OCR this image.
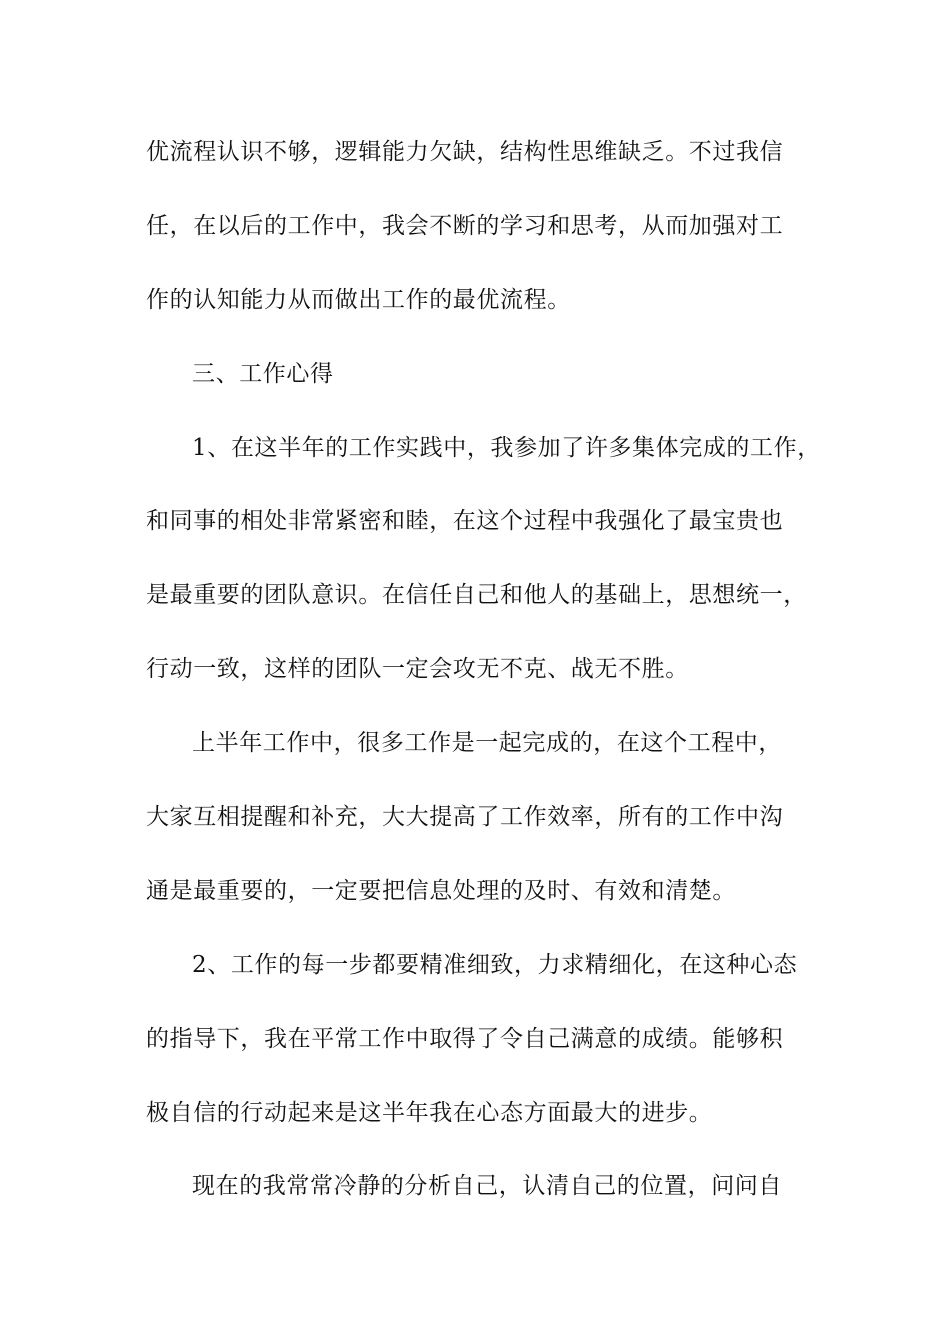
优流程认识不够，逻辑能力欠缺，结构性思维缺乏。不过我信
任，在以后的工作中，我会不断的学习和思考，从而加强对工
作的认知能力从而做出工作的最优流程。
三、工作心得
1、在这半年的工作实践中，我参加了许多集体完成的工作，
和同事的相处非常紧密和睦，在这个过程中我强化了最宝贵也
是最重要的团队意识。在信任自己和他人的基础上，思想统一，
行动一致，这样的团队一定会攻无不克、战无不胜。
上半年工作中，很多工作是一起完成的，在这个工程中，
大家互相提醒和补充，大大提高了工作效率，所有的工作中沟
通是最重要的，一定要把信息处理的及时、有效和清楚。
2、工作的每一步都要精准细致，力求精细化，在这种心态
的指导下，我在平常工作中取得了令自己满意的成绩。能够积
极自信的行动起来是这半年我在心态方面最大的进步。
现在的我常常冷静的分析自己，认清自己的位置，问问自
